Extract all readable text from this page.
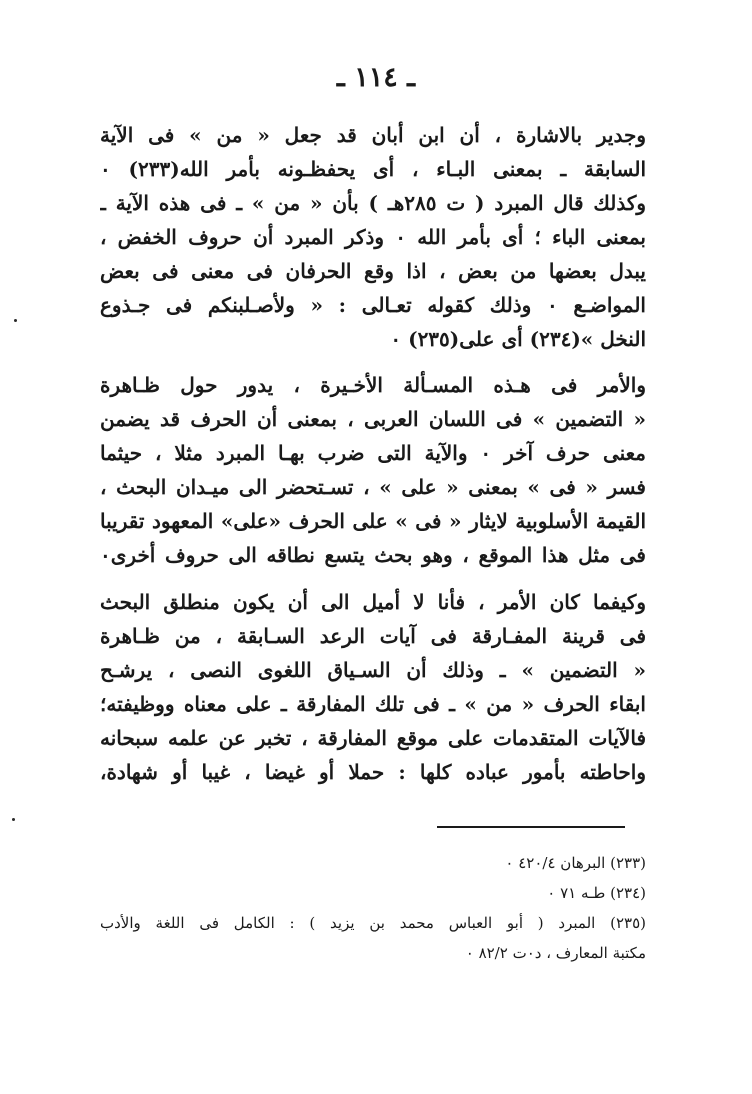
ـ ١١٤ ـ
وجدير بالاشارة ، أن ابن أبان قد جعل « من » فى الآية
السابقة ـ بمعنى البـاء ، أى يحفظـونه بأمر الله(٢٣٣) ٠
وكذلك قال المبرد ( ت ٢٨٥هـ ) بأن « من » ـ فى هذه الآية ـ
بمعنى الباء ؛ أى بأمر الله ٠ وذكر المبرد أن حروف الخفض ،
يبدل بعضها من بعض ، اذا وقع الحرفان فى معنى فى بعض
المواضـع ٠ وذلك كقوله تعـالى : « ولأصـلبنكم فى جـذوع
النخل »(٢٣٤) أى على(٢٣٥) ٠
والأمر فى هـذه المسـألة الأخـيرة ، يدور حول ظـاهرة
« التضمين » فى اللسان العربى ، بمعنى أن الحرف قد يضمن
معنى حرف آخر ٠ والآية التى ضرب بهـا المبرد مثلا ، حيثما
فسر « فى » بمعنى « على » ، تسـتحضر الى ميـدان البحث ،
القيمة الأسلوبية لايثار « فى » على الحرف «على» المعهود تقريبا
فى مثل هذا الموقع ، وهو بحث يتسع نطاقه الى حروف أخرى٠
وكيفما كان الأمر ، فأنا لا أميل الى أن يكون منطلق البحث
فى قرينة المفـارقة فى آيات الرعد السـابقة ، من ظـاهرة
« التضمين » ـ وذلك أن السـياق اللغوى النصى ، يرشـح
ابقاء الحرف « من » ـ فى تلك المفارقة ـ على معناه ووظيفته؛
فالآيات المتقدمات على موقع المفارقة ، تخبر عن علمه سبحانه
واحاطته بأمور عباده كلها : حملا أو غيضا ، غيبا أو شهادة،
(٢٣٣) البرهان ٤٢٠/٤ ٠
(٢٣٤) طـه ٧١ ٠
(٢٣٥) المبرد ( أبو العباس محمد بن يزيد ) : الكامل فى اللغة والأدب
مكتبة المعارف ، د٠ت ٨٢/٢ ٠
